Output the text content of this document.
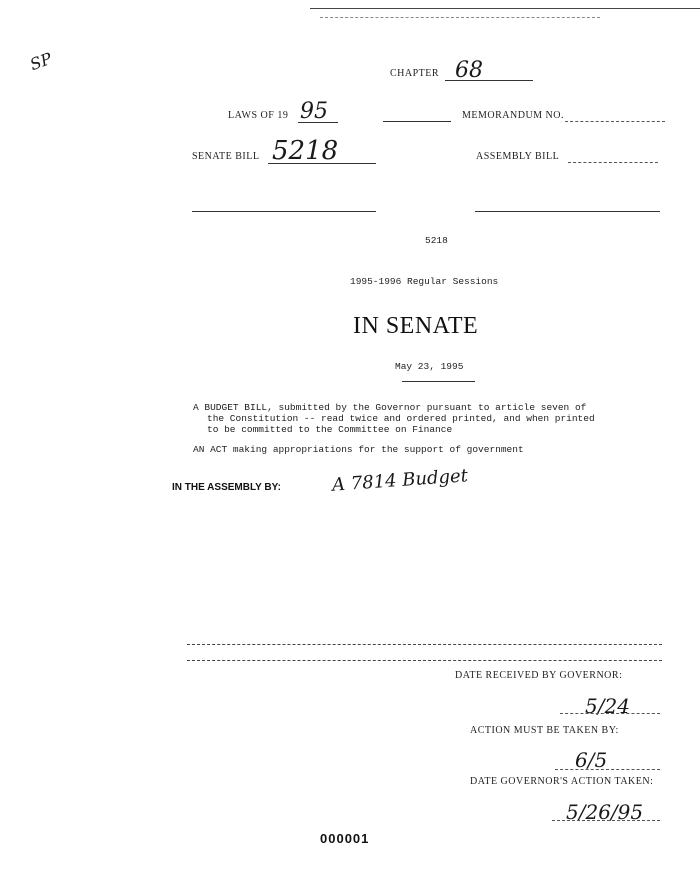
SP	CHAPTER 68
LAWS OF 19 95	MEMORANDUM NO.
SENATE BILL 5218	ASSEMBLY BILL
5218
1995-1996 Regular Sessions
IN SENATE
May 23, 1995
A BUDGET BILL, submitted by the Governor pursuant to article seven of
the Constitution -- read twice and ordered printed, and when printed
to be committed to the Committee on Finance
AN ACT making appropriations for the support of government
IN THE ASSEMBLY BY:	A 7814 Budget
DATE RECEIVED BY GOVERNOR:
5/24
ACTION MUST BE TAKEN BY:
6/5
DATE GOVERNOR'S ACTION TAKEN:
5/26/95
000001
